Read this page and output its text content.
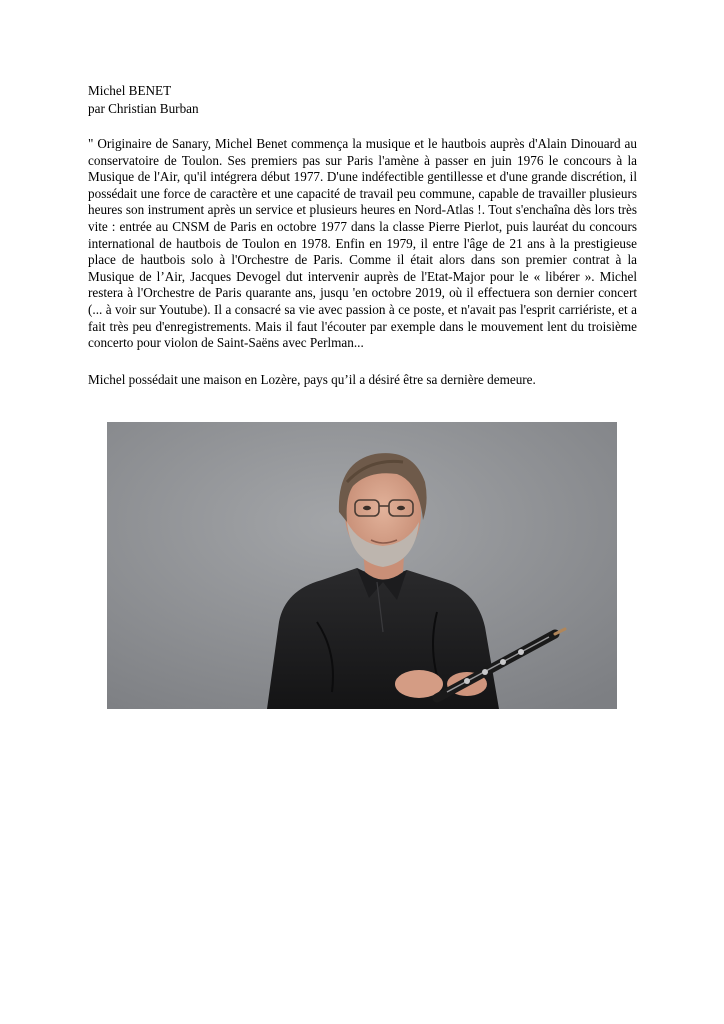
Michel BENET
par Christian Burban

" Originaire de Sanary, Michel Benet commença la musique et le hautbois auprès d'Alain Dinouard au conservatoire de Toulon. Ses premiers pas sur Paris l'amène à passer en juin 1976 le concours à la Musique de l'Air, qu'il intégrera début 1977. D'une indéfectible gentillesse et d'une grande discrétion, il possédait une force de caractère et une capacité de travail peu commune, capable de travailler plusieurs heures son instrument après un service et plusieurs heures en Nord-Atlas !. Tout s'enchaîna dès lors très vite : entrée au CNSM de Paris en octobre 1977 dans la classe Pierre Pierlot, puis lauréat du concours international de hautbois de Toulon en 1978. Enfin en 1979, il entre l'âge de 21 ans à la prestigieuse place de hautbois solo à l'Orchestre de Paris. Comme il était alors dans son premier contrat à la Musique de l’Air, Jacques Devogel dut intervenir auprès de l'Etat-Major pour le « libérer ». Michel restera à l'Orchestre de Paris quarante ans, jusqu 'en octobre 2019, où il effectuera son dernier concert (... à voir sur Youtube). Il a consacré sa vie avec passion à ce poste, et n'avait pas l'esprit carriériste, et a fait très peu d'enregistrements. Mais il faut l'écouter par exemple dans le mouvement lent du troisième concerto pour violon de Saint-Saëns avec Perlman...

Michel possédait une maison en Lozère, pays qu’il a désiré être sa dernière demeure.
